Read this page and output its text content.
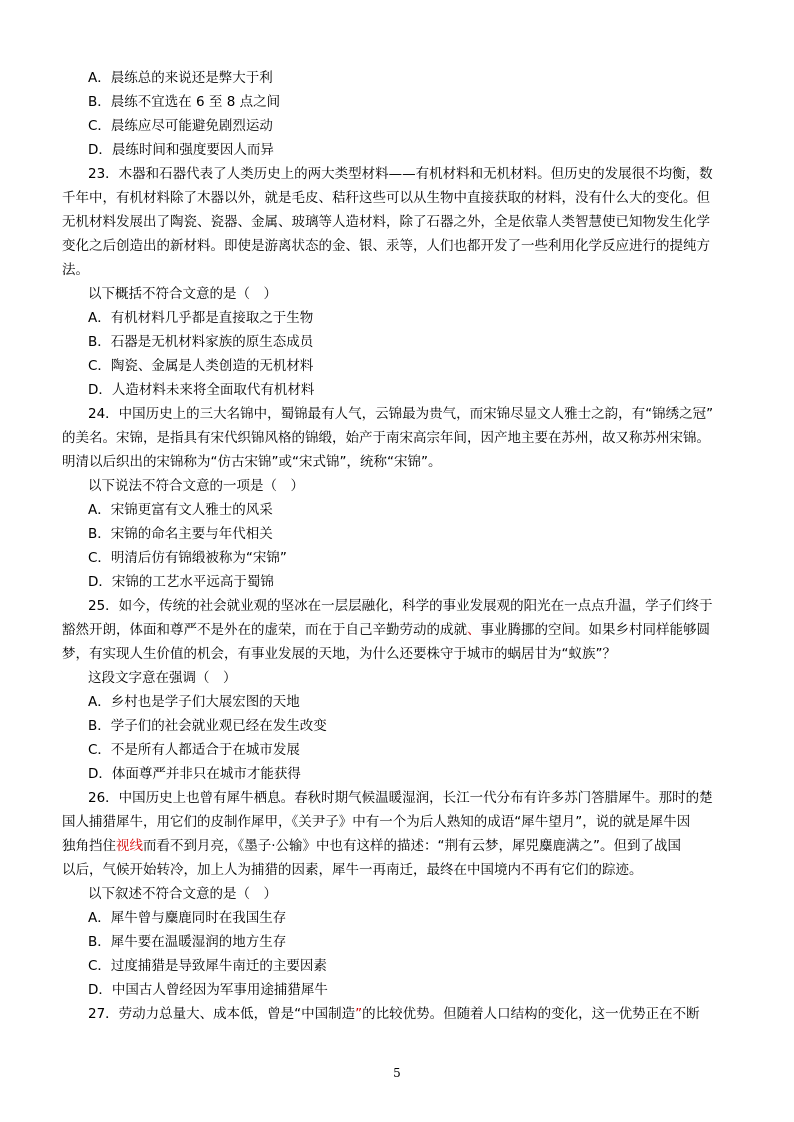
A．晨练总的来说还是弊大于利
B．晨练不宜选在 6 至 8 点之间
C．晨练应尽可能避免剧烈运动
D．晨练时间和强度要因人而异
23．木器和石器代表了人类历史上的两大类型材料——有机材料和无机材料。但历史的发展很不均衡，数
千年中，有机材料除了木器以外，就是毛皮、秸秆这些可以从生物中直接获取的材料，没有什么大的变化。但
无机材料发展出了陶瓷、瓷器、金属、玻璃等人造材料，除了石器之外，全是依靠人类智慧使已知物发生化学
变化之后创造出的新材料。即使是游离状态的金、银、汞等，人们也都开发了一些利用化学反应进行的提纯方
法。
以下概括不符合文意的是（　）
A．有机材料几乎都是直接取之于生物
B．石器是无机材料家族的原生态成员
C．陶瓷、金属是人类创造的无机材料
D．人造材料未来将全面取代有机材料
24．中国历史上的三大名锦中，蜀锦最有人气，云锦最为贵气，而宋锦尽显文人雅士之韵，有“锦绣之冠”
的美名。宋锦，是指具有宋代织锦风格的锦缎，始产于南宋高宗年间，因产地主要在苏州，故又称苏州宋锦。
明清以后织出的宋锦称为“仿古宋锦”或“宋式锦”，统称“宋锦”。
以下说法不符合文意的一项是（　）
A．宋锦更富有文人雅士的风采
B．宋锦的命名主要与年代相关
C．明清后仿有锦缎被称为“宋锦”
D．宋锦的工艺水平远高于蜀锦
25．如今，传统的社会就业观的坚冰在一层层融化，科学的事业发展观的阳光在一点点升温，学子们终于
豁然开朗，体面和尊严不是外在的虚荣，而在于自己辛勤劳动的成就、事业腾挪的空间。如果乡村同样能够圆
梦，有实现人生价值的机会，有事业发展的天地，为什么还要株守于城市的蜗居甘为“蚁族”？
这段文字意在强调（　）
A．乡村也是学子们大展宏图的天地
B．学子们的社会就业观已经在发生改变
C．不是所有人都适合于在城市发展
D．体面尊严并非只在城市才能获得
26．中国历史上也曾有犀牛栖息。春秋时期气候温暖湿润，长江一代分布有许多苏门答腊犀牛。那时的楚
国人捕猎犀牛，用它们的皮制作犀甲，《关尹子》中有一个为后人熟知的成语“犀牛望月”，说的就是犀牛因
独角挡住视线而看不到月亮，《墨子·公输》中也有这样的描述：“荆有云梦，犀兕麋鹿满之”。但到了战国
以后，气候开始转冷，加上人为捕猎的因素，犀牛一再南迁，最终在中国境内不再有它们的踪迹。
以下叙述不符合文意的是（　）
A．犀牛曾与麋鹿同时在我国生存
B．犀牛要在温暖湿润的地方生存
C．过度捕猎是导致犀牛南迁的主要因素
D．中国古人曾经因为军事用途捕猎犀牛
27．劳动力总量大、成本低，曾是“中国制造”的比较优势。但随着人口结构的变化，这一优势正在不断
5
